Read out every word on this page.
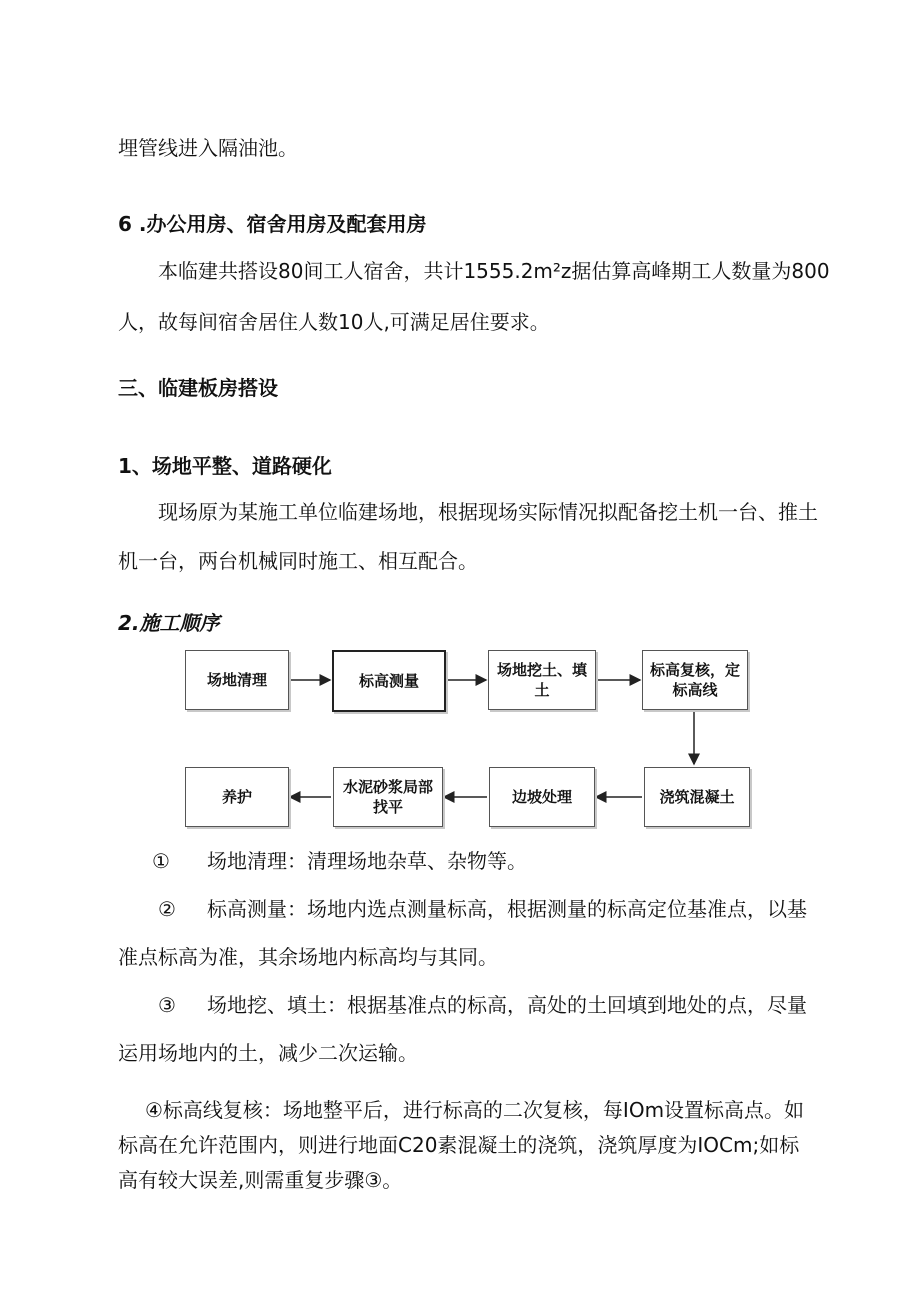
埋管线进入隔油池。
6 .办公用房、宿舍用房及配套用房
本临建共搭设80间工人宿舍，共计1555.2m²z据估算高峰期工人数量为800
人，故每间宿舍居住人数10人,可满足居住要求。
三、临建板房搭设
1、场地平整、道路硬化
现场原为某施工单位临建场地，根据现场实际情况拟配备挖土机一台、推土
机一台，两台机械同时施工、相互配合。
2.施工顺序
场地清理	标高测量
场地挖土、填土
标高复核，定标高线
养护
水泥砂浆局部找平
边坡处理	浇筑混凝土
① 场地清理：清理场地杂草、杂物等。
② 标高测量：场地内选点测量标高，根据测量的标高定位基准点，以基
准点标高为准，其余场地内标高均与其同。
③ 场地挖、填土：根据基准点的标高，高处的土回填到地处的点，尽量
运用场地内的土，减少二次运输。
④标高线复核：场地整平后，进行标高的二次复核，每IOm设置标高点。如
标高在允许范围内，则进行地面C20素混凝土的浇筑，浇筑厚度为IOCm;如标
高有较大误差,则需重复步骤③。
